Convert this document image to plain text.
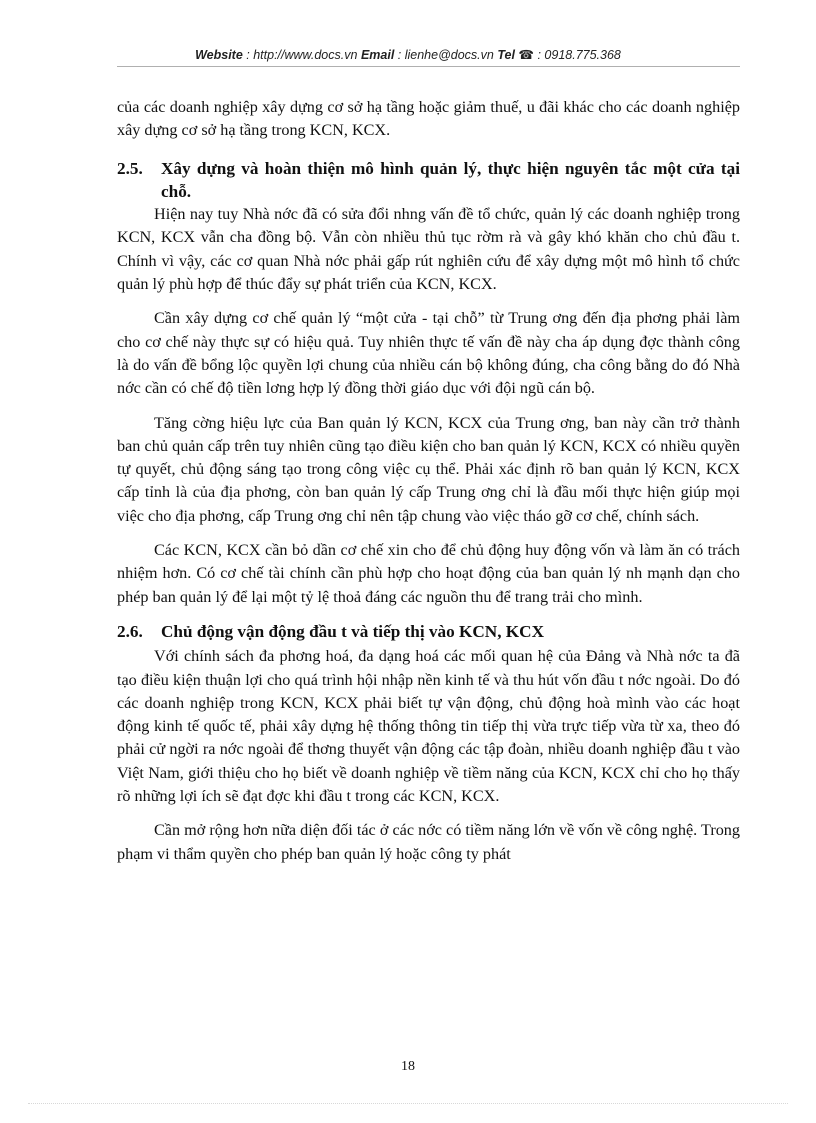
Website : http://www.docs.vn Email : lienhe@docs.vn Tel ☎ : 0918.775.368

của các doanh nghiệp xây dựng cơ sở hạ tầng hoặc giảm thuế, u đãi khác cho các doanh nghiệp xây dựng cơ sở hạ tầng trong KCN, KCX.

2.5.	Xây dựng và hoàn thiện mô hình quản lý, thực hiện nguyên tắc một cửa tại chỗ.

Hiện nay tuy Nhà nớc đã có sửa đổi nhng vấn đề tổ chức, quản lý các doanh nghiệp trong KCN, KCX vẫn cha đồng bộ. Vẫn còn nhiều thủ tục rờm rà và gây khó khăn cho chủ đầu t. Chính vì vậy, các cơ quan Nhà nớc phải gấp rút nghiên cứu để xây dựng một mô hình tổ chức quản lý phù hợp để thúc đẩy sự phát triển của KCN, KCX.

Cần xây dựng cơ chế quản lý “một cửa - tại chỗ” từ Trung ơng đến địa phơng phải làm cho cơ chế này thực sự có hiệu quả. Tuy nhiên thực tế vấn đề này cha áp dụng đợc thành công là do vấn đề bổng lộc quyền lợi chung của nhiều cán bộ không đúng, cha công bằng do đó Nhà nớc cần có chế độ tiền lơng hợp lý đồng thời giáo dục với đội ngũ cán bộ.

Tăng cờng hiệu lực của Ban quản lý KCN, KCX của Trung ơng, ban này cần trở thành ban chủ quản cấp trên tuy nhiên cũng tạo điều kiện cho ban quản lý KCN, KCX có nhiều quyền tự quyết, chủ động sáng tạo trong công việc cụ thể. Phải xác định rõ ban quản lý KCN, KCX cấp tỉnh là của địa phơng, còn ban quản lý cấp Trung ơng chỉ là đầu mối thực hiện giúp mọi việc cho địa phơng, cấp Trung ơng chỉ nên tập chung vào việc tháo gỡ cơ chế, chính sách.

Các KCN, KCX cần bỏ dần cơ chế xin cho để chủ động huy động vốn và làm ăn có trách nhiệm hơn. Có cơ chế tài chính cần phù hợp cho hoạt động của ban quản lý nh mạnh dạn cho phép ban quản lý để lại một tỷ lệ thoả đáng các nguồn thu để trang trải cho mình.

2.6.	Chủ động vận động đầu t và tiếp thị vào KCN, KCX

Với chính sách đa phơng hoá, đa dạng hoá các mối quan hệ của Đảng và Nhà nớc ta đã tạo điều kiện thuận lợi cho quá trình hội nhập nền kinh tế và thu hút vốn đầu t nớc ngoài. Do đó các doanh nghiệp trong KCN, KCX phải biết tự vận động, chủ động hoà mình vào các hoạt động kinh tế quốc tế, phải xây dựng hệ thống thông tin tiếp thị vừa trực tiếp vừa từ xa, theo đó phải cử ngời ra nớc ngoài để thơng thuyết vận động các tập đoàn, nhiều doanh nghiệp đầu t vào Việt Nam, giới thiệu cho họ biết về doanh nghiệp về tiềm năng của KCN, KCX chỉ cho họ thấy rõ những lợi ích sẽ đạt đợc khi đầu t trong các KCN, KCX.

Cần mở rộng hơn nữa diện đối tác ở các nớc có tiềm năng lớn về vốn về công nghệ. Trong phạm vi thẩm quyền cho phép ban quản lý hoặc công ty phát

18
